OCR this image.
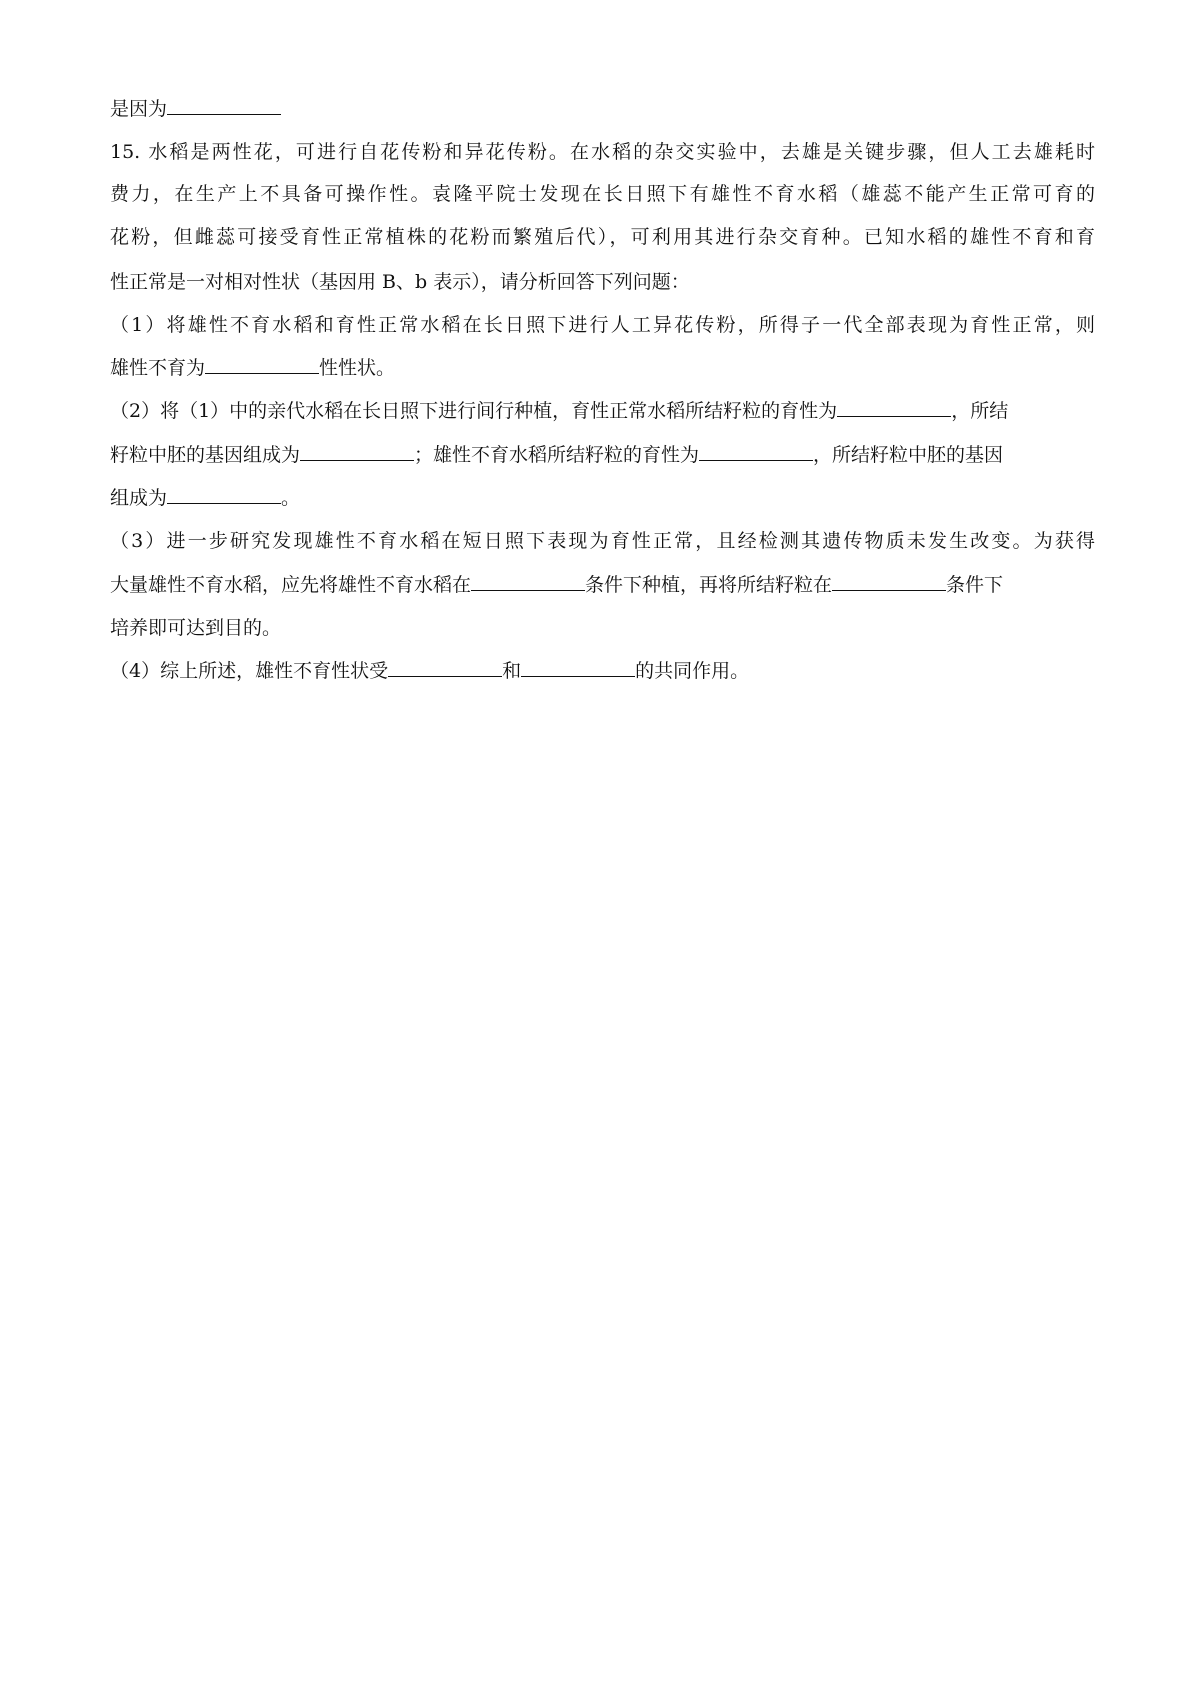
是因为
15. 水稻是两性花，可进行自花传粉和异花传粉。在水稻的杂交实验中，去雄是关键步骤，但人工去雄耗时
费力，在生产上不具备可操作性。袁隆平院士发现在长日照下有雄性不育水稻（雄蕊不能产生正常可育的
花粉，但雌蕊可接受育性正常植株的花粉而繁殖后代），可利用其进行杂交育种。已知水稻的雄性不育和育
性正常是一对相对性状（基因用 B、b 表示），请分析回答下列问题：
（1）将雄性不育水稻和育性正常水稻在长日照下进行人工异花传粉，所得子一代全部表现为育性正常，则
雄性不育为	性性状。
（2）将（1）中的亲代水稻在长日照下进行间行种植，育性正常水稻所结籽粒的育性为	，所结
籽粒中胚的基因组成为	；雄性不育水稻所结籽粒的育性为	，所结籽粒中胚的基因
组成为	。
（3）进一步研究发现雄性不育水稻在短日照下表现为育性正常，且经检测其遗传物质未发生改变。为获得
大量雄性不育水稻，应先将雄性不育水稻在	条件下种植，再将所结籽粒在	条件下
培养即可达到目的。
（4）综上所述，雄性不育性状受	和	的共同作用。
